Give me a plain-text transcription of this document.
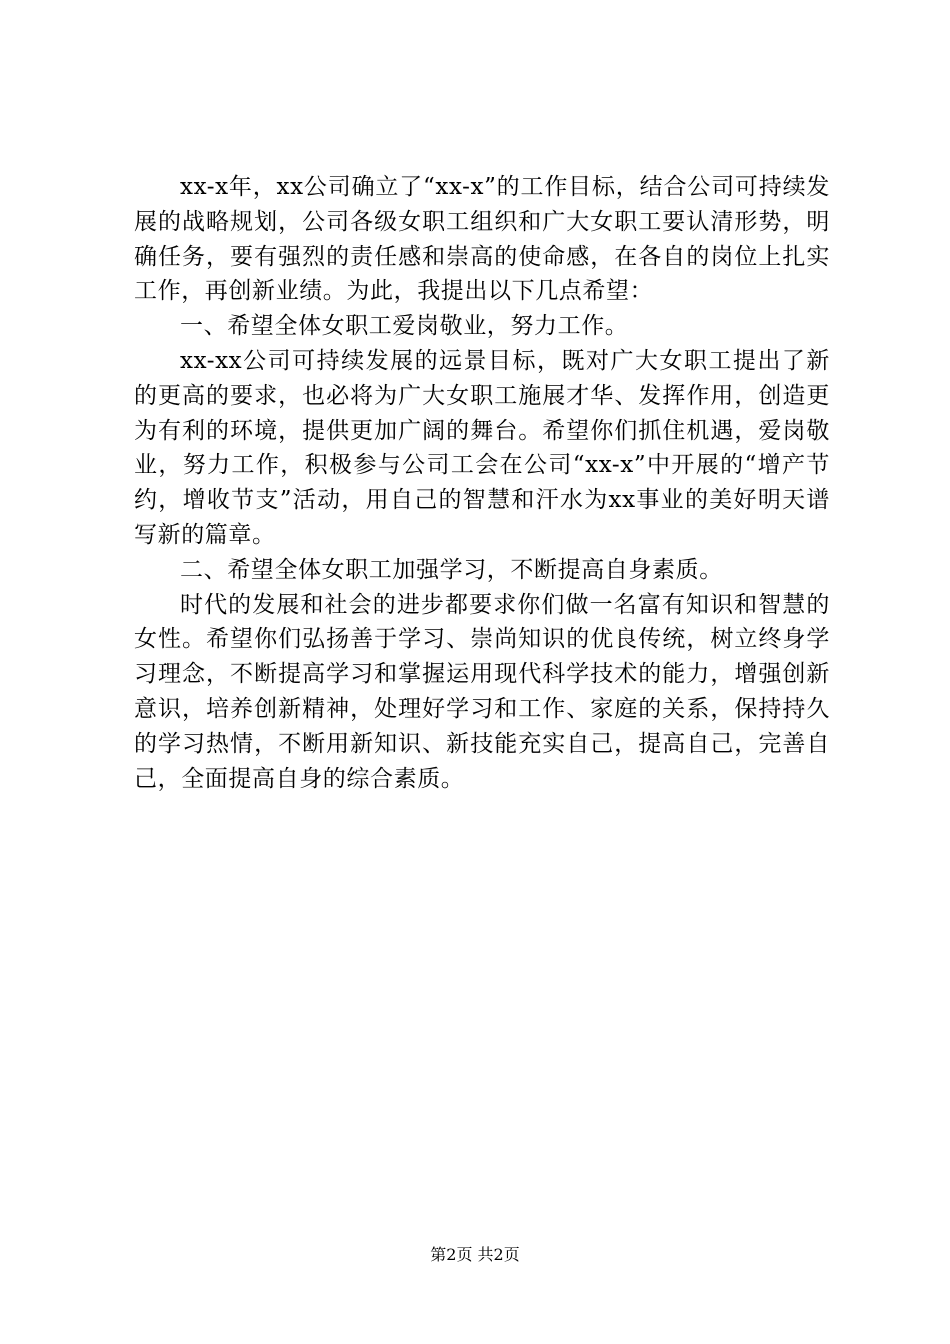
xx-x年，xx公司确立了“xx-x”的工作目标，结合公司可持续发展的战略规划，公司各级女职工组织和广大女职工要认清形势，明确任务，要有强烈的责任感和崇高的使命感，在各自的岗位上扎实工作，再创新业绩。为此，我提出以下几点希望：

一、希望全体女职工爱岗敬业，努力工作。

xx-xx公司可持续发展的远景目标，既对广大女职工提出了新的更高的要求，也必将为广大女职工施展才华、发挥作用，创造更为有利的环境，提供更加广阔的舞台。希望你们抓住机遇，爱岗敬业，努力工作，积极参与公司工会在公司“xx-x”中开展的“增产节约，增收节支”活动，用自己的智慧和汗水为xx事业的美好明天谱写新的篇章。

二、希望全体女职工加强学习，不断提高自身素质。

时代的发展和社会的进步都要求你们做一名富有知识和智慧的女性。希望你们弘扬善于学习、崇尚知识的优良传统，树立终身学习理念，不断提高学习和掌握运用现代科学技术的能力，增强创新意识，培养创新精神，处理好学习和工作、家庭的关系，保持持久的学习热情，不断用新知识、新技能充实自己，提高自己，完善自己，全面提高自身的综合素质。

第2页 共2页
